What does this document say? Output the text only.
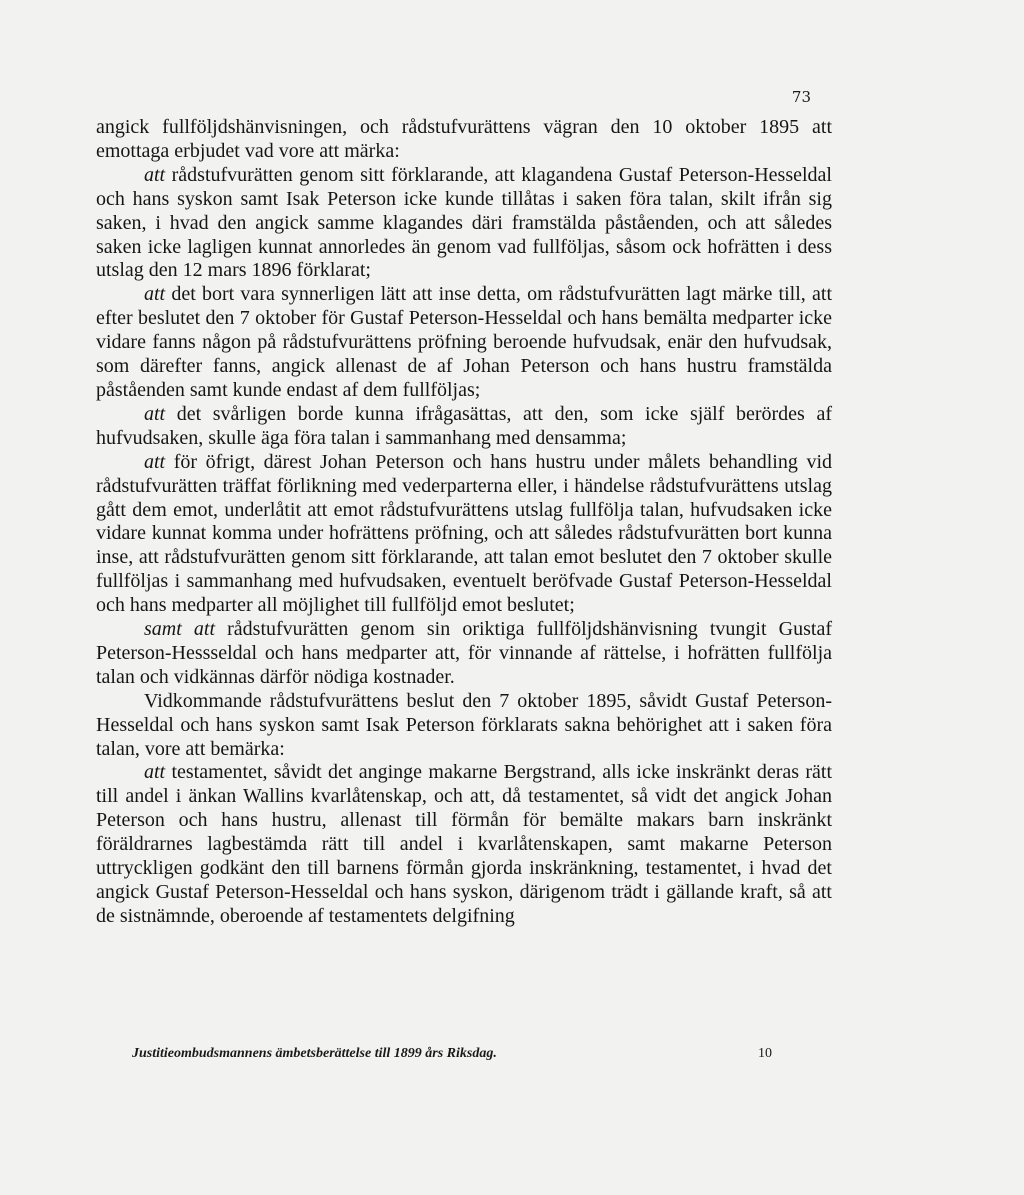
73

angick fullföljdshänvisningen, och rådstufvurättens vägran den 10 oktober 1895 att emottaga erbjudet vad vore att märka:

att rådstufvurätten genom sitt förklarande, att klagandena Gustaf Peterson-Hesseldal och hans syskon samt Isak Peterson icke kunde tillåtas i saken föra talan, skilt ifrån sig saken, i hvad den angick samme klagandes däri framstälda påståenden, och att således saken icke lagligen kunnat annorledes än genom vad fullföljas, såsom ock hofrätten i dess utslag den 12 mars 1896 förklarat;

att det bort vara synnerligen lätt att inse detta, om rådstufvurätten lagt märke till, att efter beslutet den 7 oktober för Gustaf Peterson-Hesseldal och hans bemälta medparter icke vidare fanns någon på rådstufvurättens pröfning beroende hufvudsak, enär den hufvudsak, som därefter fanns, angick allenast de af Johan Peterson och hans hustru framstälda påståenden samt kunde endast af dem fullföljas;

att det svårligen borde kunna ifrågasättas, att den, som icke själf berördes af hufvudsaken, skulle äga föra talan i sammanhang med densamma;

att för öfrigt, därest Johan Peterson och hans hustru under målets behandling vid rådstufvurätten träffat förlikning med vederparterna eller, i händelse rådstufvurättens utslag gått dem emot, underlåtit att emot rådstufvurättens utslag fullfölja talan, hufvudsaken icke vidare kunnat komma under hofrättens pröfning, och att således rådstufvurätten bort kunna inse, att rådstufvurätten genom sitt förklarande, att talan emot beslutet den 7 oktober skulle fullföljas i sammanhang med hufvudsaken, eventuelt beröfvade Gustaf Peterson-Hesseldal och hans medparter all möjlighet till fullföljd emot beslutet;

samt att rådstufvurätten genom sin oriktiga fullföljdshänvisning tvungit Gustaf Peterson-Hessseldal och hans medparter att, för vinnande af rättelse, i hofrätten fullfölja talan och vidkännas därför nödiga kostnader.

Vidkommande rådstufvurättens beslut den 7 oktober 1895, såvidt Gustaf Peterson-Hesseldal och hans syskon samt Isak Peterson förklarats sakna behörighet att i saken föra talan, vore att bemärka:

att testamentet, såvidt det anginge makarne Bergstrand, alls icke inskränkt deras rätt till andel i änkan Wallins kvarlåtenskap, och att, då testamentet, så vidt det angick Johan Peterson och hans hustru, allenast till förmån för bemälte makars barn inskränkt föräldrarnes lagbestämda rätt till andel i kvarlåtenskapen, samt makarne Peterson uttryckligen godkänt den till barnens förmån gjorda inskränkning, testamentet, i hvad det angick Gustaf Peterson-Hesseldal och hans syskon, därigenom trädt i gällande kraft, så att de sistnämnde, oberoende af testamentets delgifning

Justitieombudsmannens ämbetsberättelse till 1899 års Riksdag.	10
